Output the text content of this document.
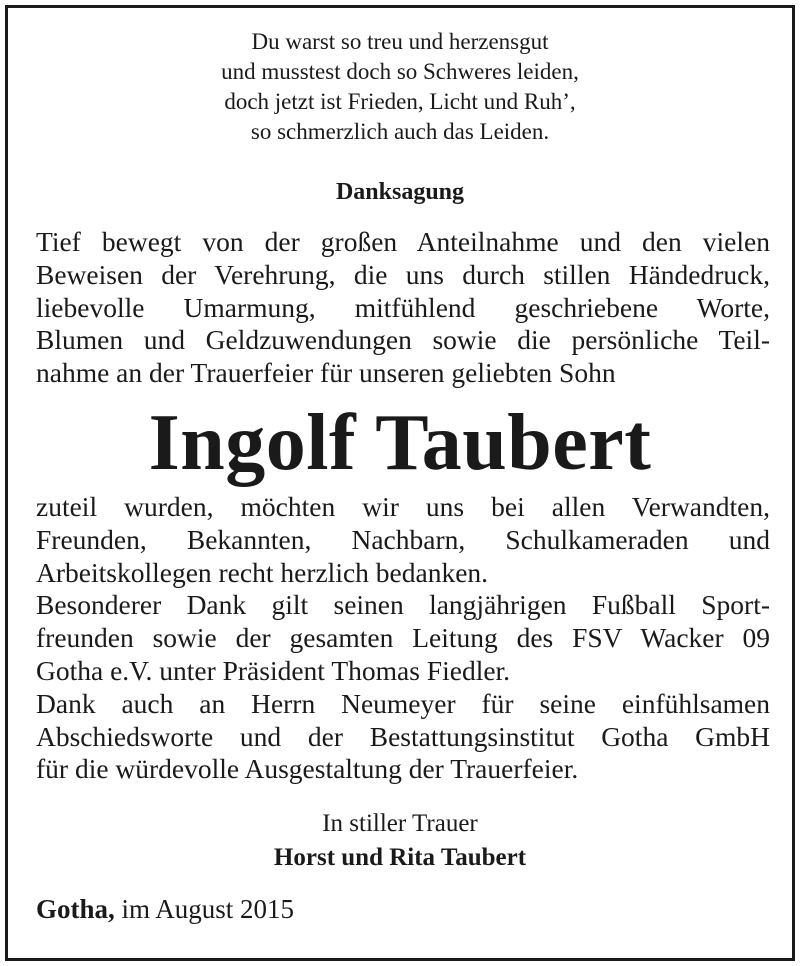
Du warst so treu und herzensgut
und musstest doch so Schweres leiden,
doch jetzt ist Frieden, Licht und Ruh’,
so schmerzlich auch das Leiden.
Danksagung
Tief bewegt von der großen Anteilnahme und den vielen
Beweisen der Verehrung, die uns durch stillen Händedruck,
liebevolle Umarmung, mitfühlend geschriebene Worte,
Blumen und Geldzuwendungen sowie die persönliche Teil-
nahme an der Trauerfeier für unseren geliebten Sohn
Ingolf Taubert
zuteil wurden, möchten wir uns bei allen Verwandten,
Freunden, Bekannten, Nachbarn, Schulkameraden und
Arbeitskollegen recht herzlich bedanken.
Besonderer Dank gilt seinen langjährigen Fußball Sport-
freunden sowie der gesamten Leitung des FSV Wacker 09
Gotha e.V. unter Präsident Thomas Fiedler.
Dank auch an Herrn Neumeyer für seine einfühlsamen
Abschiedsworte und der Bestattungsinstitut Gotha GmbH
für die würdevolle Ausgestaltung der Trauerfeier.
In stiller Trauer
Horst und Rita Taubert
Gotha, im August 2015
